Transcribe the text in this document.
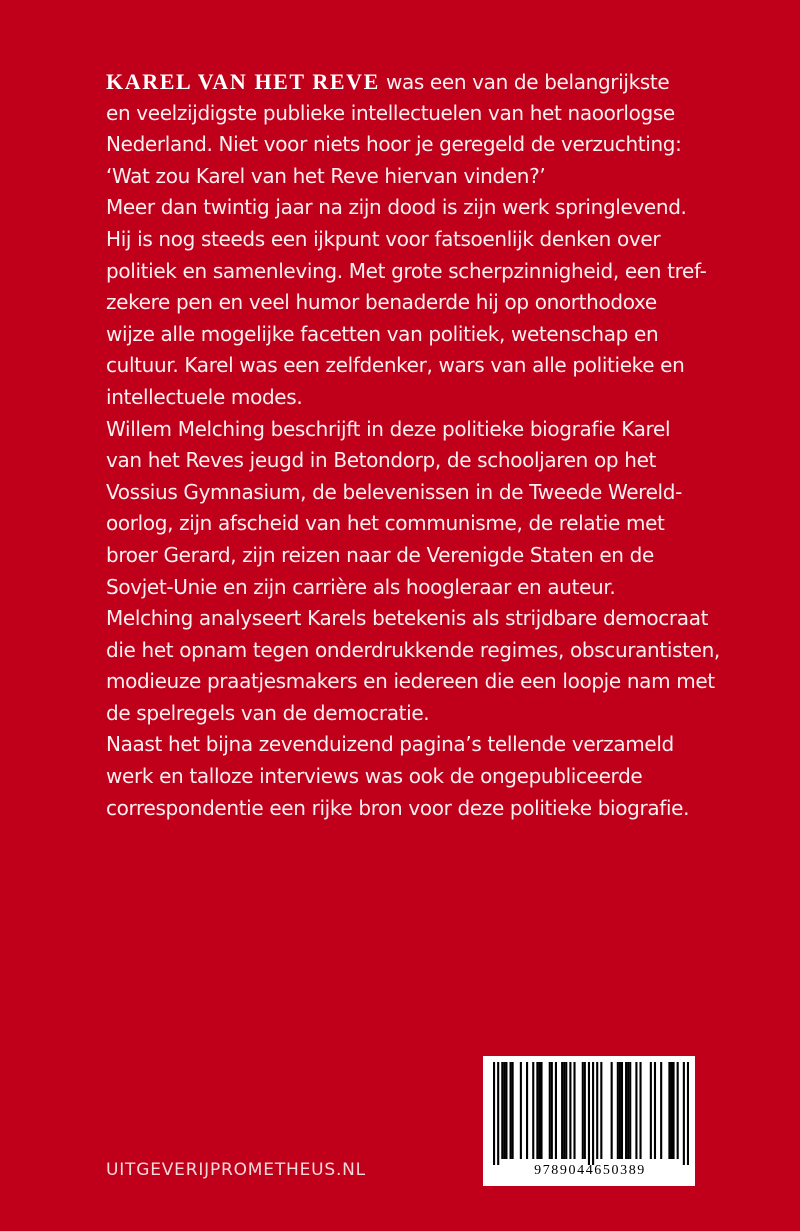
KAREL VAN HET REVE was een van de belangrijkste
en veelzijdigste publieke intellectuelen van het naoorlogse
Nederland. Niet voor niets hoor je geregeld de verzuchting:
‘Wat zou Karel van het Reve hiervan vinden?’
Meer dan twintig jaar na zijn dood is zijn werk springlevend.
Hij is nog steeds een ijkpunt voor fatsoenlijk denken over
politiek en samenleving. Met grote scherpzinnigheid, een tref-
zekere pen en veel humor benaderde hij op onorthodoxe
wijze alle mogelijke facetten van politiek, wetenschap en
cultuur. Karel was een zelfdenker, wars van alle politieke en
intellectuele modes.
Willem Melching beschrijft in deze politieke biografie Karel
van het Reves jeugd in Betondorp, de schooljaren op het
Vossius Gymnasium, de belevenissen in de Tweede Wereld-
oorlog, zijn afscheid van het communisme, de relatie met
broer Gerard, zijn reizen naar de Verenigde Staten en de
Sovjet-Unie en zijn carrière als hoogleraar en auteur.
Melching analyseert Karels betekenis als strijdbare democraat
die het opnam tegen onderdrukkende regimes, obscurantisten,
modieuze praatjesmakers en iedereen die een loopje nam met
de spelregels van de democratie.
Naast het bijna zevenduizend pagina’s tellende verzameld
werk en talloze interviews was ook de ongepubliceerde
correspondentie een rijke bron voor deze politieke biografie.
UITGEVERIJPROMETHEUS.NL	9789044650389
